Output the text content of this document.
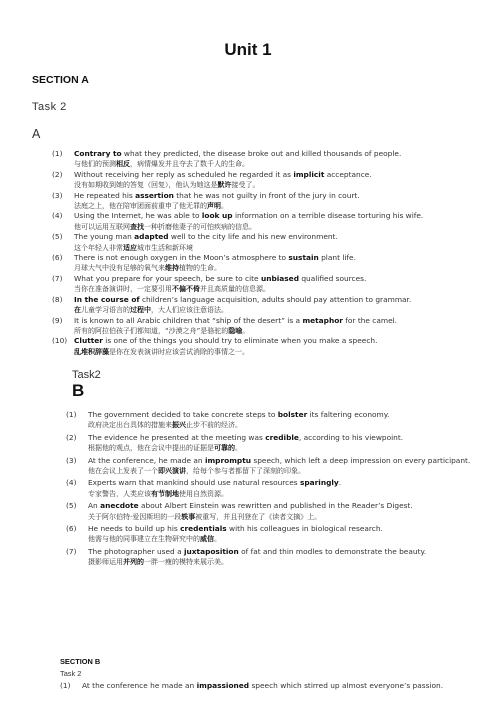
Unit 1
SECTION A
Task 2
A
(1) Contrary to what they predicted, the disease broke out and killed thousands of people.
与他们的预测相反，病情爆发并且夺去了数千人的生命。
(2) Without receiving her reply as scheduled he regarded it as implicit acceptance.
没有如期收到她的答复（回复），他认为她这是默许接受了。
(3) He repeated his assertion that he was not guilty in front of the jury in court.
法庭之上，他在陪审团面前重申了他无罪的声明。
(4) Using the Internet, he was able to look up information on a terrible disease torturing his wife.
他可以运用互联网查找一种折磨他妻子的可怕疾病的信息。
(5) The young man adapted well to the city life and his new environment.
这个年轻人非常适应城市生活和新环境
(6) There is not enough oxygen in the Moon’s atmosphere to sustain plant life.
月球大气中没有足够的氧气来维持植物的生命。
(7) What you prepare for your speech, be sure to cite unbiased qualified sources.
当你在准备演讲时，一定要引用不偏不倚并且高质量的信息源。
(8) In the course of children’s language acquisition, adults should pay attention to grammar.
在儿童学习语言的过程中，大人们应该注意语法。
(9) It is known to all Arabic children that “ship of the desert” is a metaphor for the camel.
所有的阿拉伯孩子们都知道，“沙漠之舟”是骆驼的隐喻。
(10) Clutter is one of the things you should try to eliminate when you make a speech.
乱堆积辞藻是你在发表演讲时应该尝试消除的事情之一。
Task2
B
(1) The government decided to take concrete steps to bolster its faltering economy.
政府决定出台具体的措施来振兴止步不前的经济。
(2) The evidence he presented at the meeting was credible, according to his viewpoint.
根据他的观点，他在会议中提出的证据是可靠的。
(3) At the conference, he made an impromptu speech, which left a deep impression on every participant.
他在会议上发表了一个即兴演讲，给每个参与者都留下了深刻的印象。
(4) Experts warn that mankind should use natural resources sparingly.
专家警告，人类应该有节制地使用自然资源。
(5) An anecdote about Albert Einstein was rewritten and published in the Reader’s Digest.
关于阿尔伯特·爱因斯坦的一段轶事被重写，并且刊登在了《读者文摘》上。
(6) He needs to build up his credentials with his colleagues in biological research.
他需与他的同事建立在生物研究中的威信。
(7) The photographer used a juxtaposition of fat and thin modles to demonstrate the beauty.
摄影师运用并列的一胖一瘦的模特来展示美。
SECTION B
Task 2
(1) At the conference he made an impassioned speech which stirred up almost everyone’s passion.
